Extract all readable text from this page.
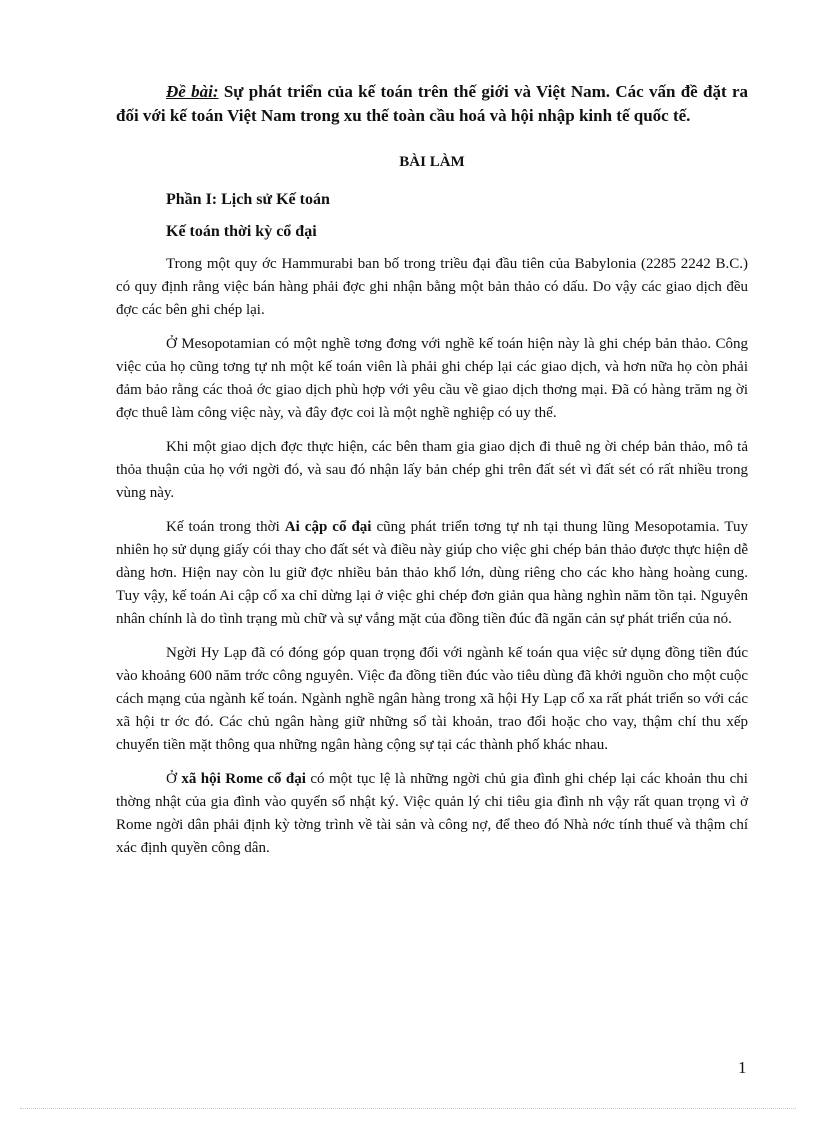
Đề bài: Sự phát triển của kế toán trên thế giới và Việt Nam. Các vấn đề đặt ra đối với kế toán Việt Nam trong xu thế toàn cầu hoá và hội nhập kinh tế quốc tế.

BÀI LÀM
Phần I: Lịch sử Kế toán
Kế toán thời kỳ cổ đại

Trong một quy ớc Hammurabi ban bố trong triều đại đầu tiên của Babylonia (2285 2242 B.C.) có quy định rằng việc bán hàng phải đợc ghi nhận bằng một bản thảo có dấu. Do vậy các giao dịch đều đợc các bên ghi chép lại.

Ở Mesopotamian có một nghề tơng đơng với nghề kế toán hiện này là ghi chép bản thảo. Công việc của họ cũng tơng tự nh một kế toán viên là phải ghi chép lại các giao dịch, và hơn nữa họ còn phải đảm bảo rằng các thoả ớc giao dịch phù hợp với yêu cầu về giao dịch thơng mại. Đã có hàng trăm ng ời đợc thuê làm công việc này, và đây đợc coi là một nghề nghiệp có uy thế.

Khi một giao dịch đợc thực hiện, các bên tham gia giao dịch đi thuê ng ời chép bản thảo, mô tả thỏa thuận của họ với ngời đó, và sau đó nhận lấy bản chép ghi trên đất sét vì đất sét có rất nhiều trong vùng này.

Kế toán trong thời Ai cập cổ đại cũng phát triển tơng tự nh tại thung lũng Mesopotamia. Tuy nhiên họ sử dụng giấy cói thay cho đất sét và điều này giúp cho việc ghi chép bản thảo được thực hiện dễ dàng hơn. Hiện nay còn lu giữ đợc nhiều bản thảo khổ lớn, dùng riêng cho các kho hàng hoàng cung. Tuy vậy, kế toán Ai cập cổ xa chỉ dừng lại ở việc ghi chép đơn giản qua hàng nghìn năm tồn tại. Nguyên nhân chính là do tình trạng mù chữ và sự vắng mặt của đồng tiền đúc đã ngăn cản sự phát triển của nó.

Ngời Hy Lạp đã có đóng góp quan trọng đối với ngành kế toán qua việc sử dụng đồng tiền đúc vào khoảng 600 năm trớc công nguyên. Việc đa đồng tiền đúc vào tiêu dùng đã khởi nguồn cho một cuộc cách mạng của ngành kế toán. Ngành nghề ngân hàng trong xã hội Hy Lạp cổ xa rất phát triển so với các xã hội tr ớc đó. Các chủ ngân hàng giữ những sổ tài khoản, trao đổi hoặc cho vay, thậm chí thu xếp chuyển tiền mặt thông qua những ngân hàng cộng sự tại các thành phố khác nhau.

Ở xã hội Rome cổ đại có một tục lệ là những ngời chủ gia đình ghi chép lại các khoản thu chi thờng nhật của gia đình vào quyển sổ nhật ký. Việc quản lý chi tiêu gia đình nh vậy rất quan trọng vì ở Rome ngời dân phải định kỳ tờng trình về tài sản và công nợ, để theo đó Nhà nớc tính thuế và thậm chí xác định quyền công dân.

1
